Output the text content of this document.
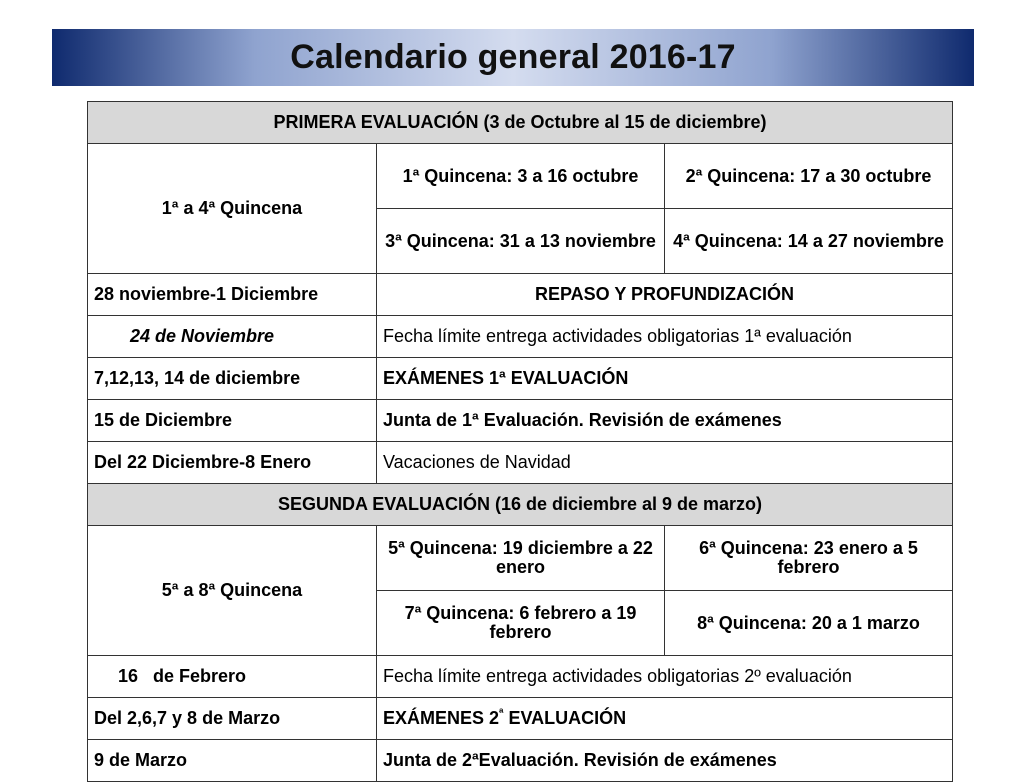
Calendario general 2016-17
PRIMERA EVALUACIÓN (3 de Octubre al 15 de diciembre)		
1ª a 4ª Quincena	1ª Quincena: 3 a 16 octubre	2ª Quincena: 17 a 30 octubre
	3ª Quincena: 31 a 13 noviembre	4ª Quincena: 14 a 27 noviembre
28 noviembre-1 Diciembre	REPASO Y PROFUNDIZACIÓN	
24 de Noviembre	Fecha límite entrega actividades obligatorias 1ª evaluación	
7,12,13, 14 de diciembre	EXÁMENES 1ª EVALUACIÓN	
15 de Diciembre	Junta de 1ª Evaluación. Revisión de exámenes	
Del 22 Diciembre-8 Enero	Vacaciones de Navidad	
SEGUNDA EVALUACIÓN (16 de diciembre al 9 de marzo)		
5ª a 8ª Quincena	5ª Quincena: 19 diciembre a 22 enero	6ª Quincena: 23 enero a 5 febrero
	7ª Quincena: 6 febrero a 19 febrero	8ª Quincena: 20 a 1 marzo
16   de Febrero	Fecha límite entrega actividades obligatorias 2º evaluación	
Del 2,6,7 y 8 de Marzo	EXÁMENES $2^ª$ EVALUACIÓN	
9 de Marzo	Junta de 2ªEvaluación. Revisión de exámenes	
